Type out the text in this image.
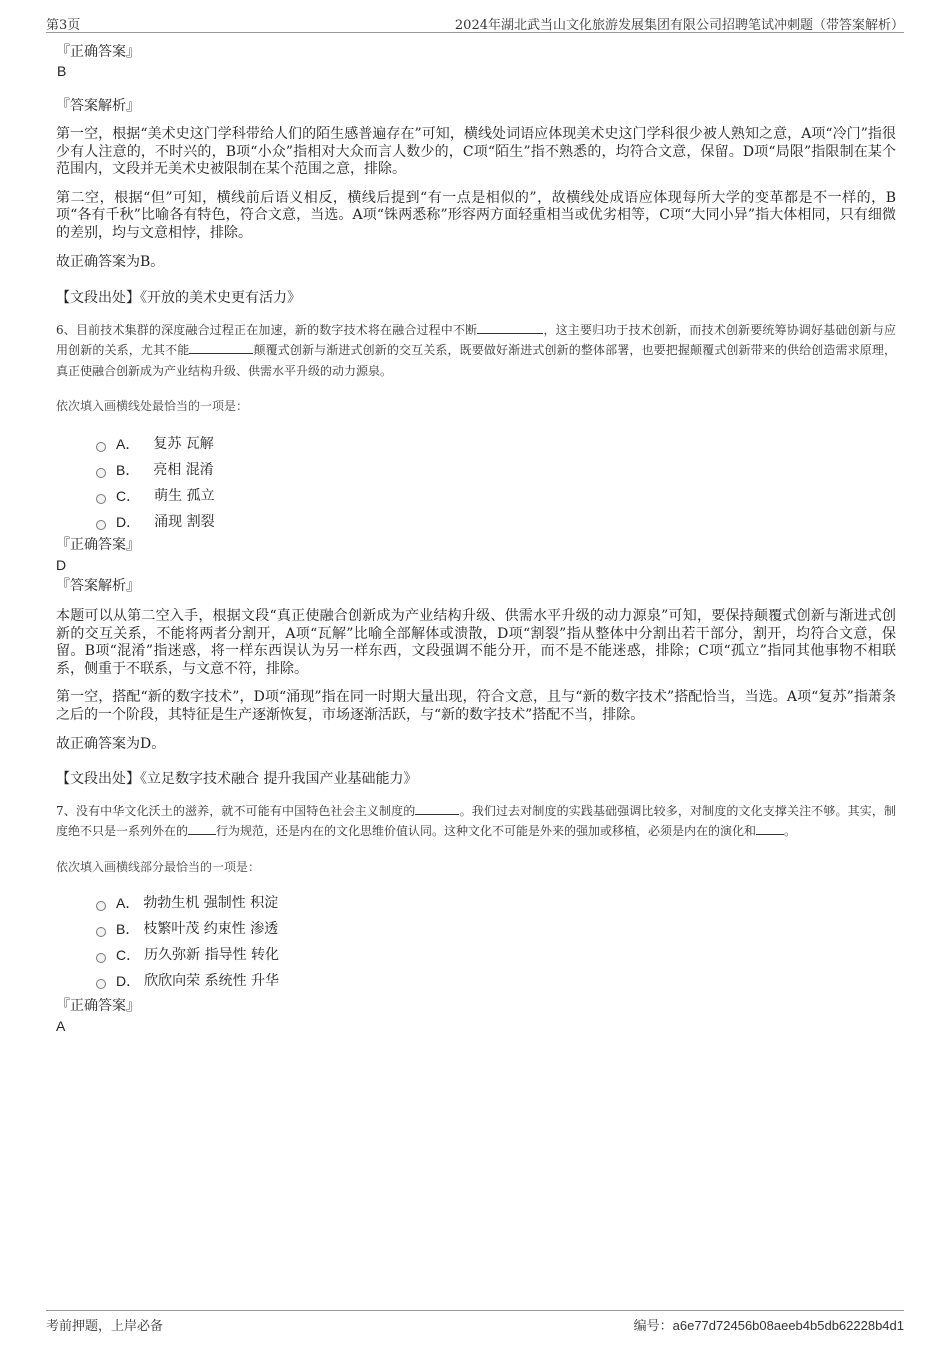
第3页	2024年湖北武当山文化旅游发展集团有限公司招聘笔试冲刺题（带答案解析）

『正确答案』

B

『答案解析』

第一空，根据“美术史这门学科带给人们的陌生感普遍存在”可知，横线处词语应体现美术史这门学科很少被人熟知之意，A项“冷门”指很少有人注意的，不时兴的，B项“小众”指相对大众而言人数少的，C项“陌生”指不熟悉的，均符合文意，保留。D项“局限”指限制在某个范围内，文段并无美术史被限制在某个范围之意，排除。

第二空，根据“但”可知，横线前后语义相反，横线后提到“有一点是相似的”，故横线处成语应体现每所大学的变革都是不一样的，B项“各有千秋”比喻各有特色，符合文意，当选。A项“铢两悉称”形容两方面轻重相当或优劣相等，C项“大同小异”指大体相同，只有细微的差别，均与文意相悖，排除。

故正确答案为B。

【文段出处】《开放的美术史更有活力》

6、目前技术集群的深度融合过程正在加速，新的数字技术将在融合过程中不断	，这主要归功于技术创新，而技术创新要统筹协调好基础创新与应用创新的关系，尤其不能	颠覆式创新与渐进式创新的交互关系，既要做好渐进式创新的整体部署，也要把握颠覆式创新带来的供给创造需求原理，真正使融合创新成为产业结构升级、供需水平升级的动力源泉。

依次填入画横线处最恰当的一项是：

A． 复苏 瓦解
B． 亮相 混淆
C． 萌生 孤立
D． 涌现 割裂

『正确答案』

D

『答案解析』

本题可以从第二空入手，根据文段“真正使融合创新成为产业结构升级、供需水平升级的动力源泉”可知，要保持颠覆式创新与渐进式创新的交互关系，不能将两者分割开，A项“瓦解”比喻全部解体或溃散，D项“割裂”指从整体中分割出若干部分，割开，均符合文意，保留。B项“混淆”指迷惑，将一样东西误认为另一样东西，文段强调不能分开，而不是不能迷惑，排除；C项“孤立”指同其他事物不相联系，侧重于不联系，与文意不符，排除。

第一空，搭配“新的数字技术”，D项“涌现”指在同一时期大量出现，符合文意，且与“新的数字技术”搭配恰当，当选。A项“复苏”指萧条之后的一个阶段，其特征是生产逐渐恢复，市场逐渐活跃，与“新的数字技术”搭配不当，排除。

故正确答案为D。

【文段出处】《立足数字技术融合 提升我国产业基础能力》

7、没有中华文化沃土的滋养，就不可能有中国特色社会主义制度的	。我们过去对制度的实践基础强调比较多，对制度的文化支撑关注不够。其实，制度绝不只是一系列外在的 行为规范，还是内在的文化思维价值认同。这种文化不可能是外来的强加或移植，必须是内在的演化和 。

依次填入画横线部分最恰当的一项是：

A． 勃勃生机 强制性 积淀
B． 枝繁叶茂 约束性 渗透
C． 历久弥新 指导性 转化
D． 欣欣向荣 系统性 升华

『正确答案』

A

考前押题，上岸必备	编号：a6e77d72456b08aeeb4b5db62228b4d1
